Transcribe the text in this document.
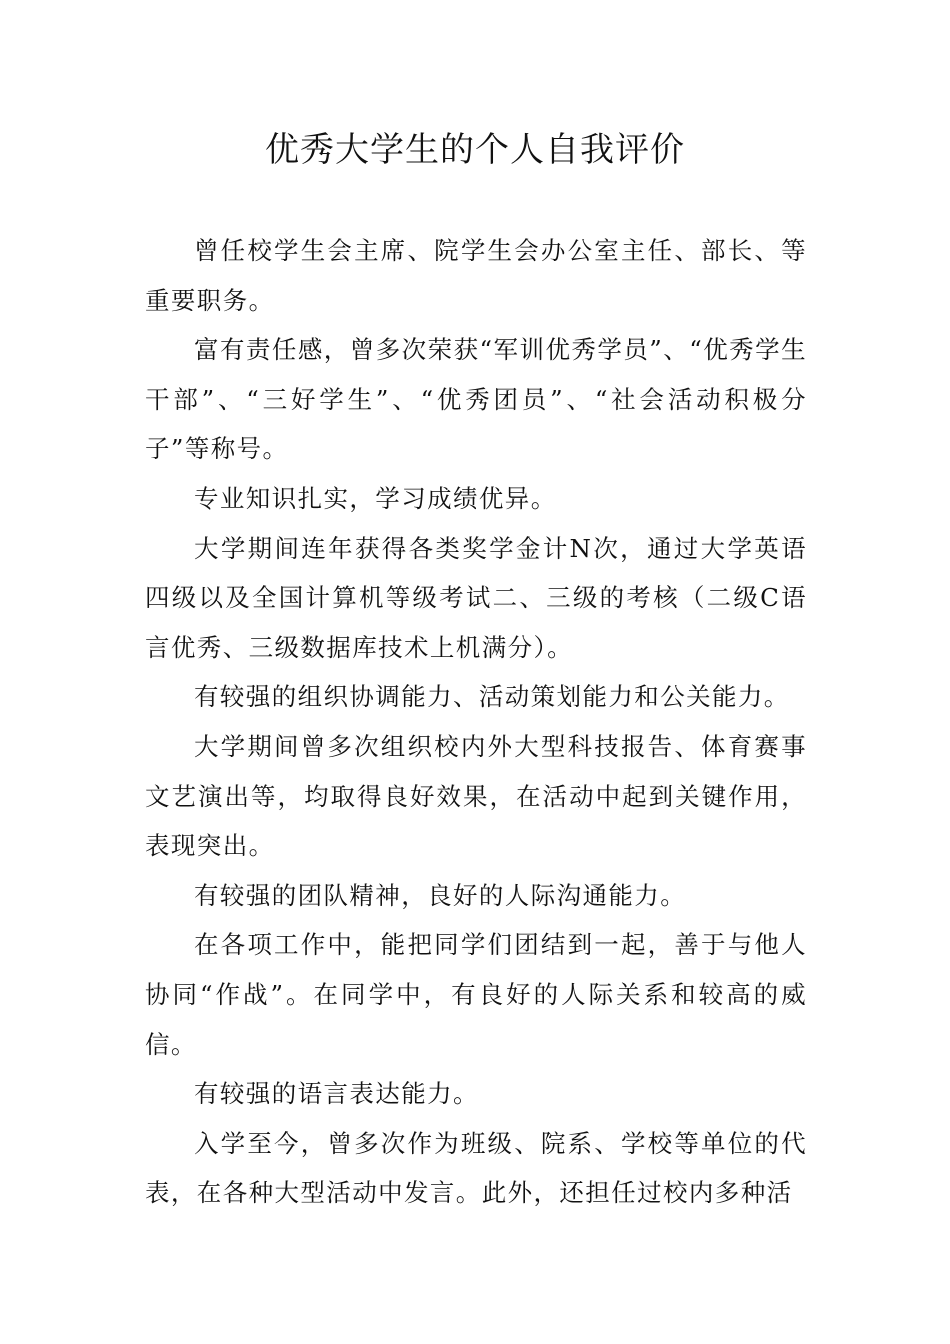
优秀大学生的个人自我评价

曾任校学生会主席、院学生会办公室主任、部长、等重要职务。

富有责任感，曾多次荣获“军训优秀学员”、“优秀学生干部”、“三好学生”、“优秀团员”、“社会活动积极分子”等称号。

专业知识扎实，学习成绩优异。

大学期间连年获得各类奖学金计N次，通过大学英语四级以及全国计算机等级考试二、三级的考核（二级C语言优秀、三级数据库技术上机满分）。

有较强的组织协调能力、活动策划能力和公关能力。

大学期间曾多次组织校内外大型科技报告、体育赛事文艺演出等，均取得良好效果，在活动中起到关键作用，表现突出。

有较强的团队精神，良好的人际沟通能力。

在各项工作中，能把同学们团结到一起，善于与他人协同“作战”。在同学中，有良好的人际关系和较高的威信。

有较强的语言表达能力。

入学至今，曾多次作为班级、院系、学校等单位的代表，在各种大型活动中发言。此外，还担任过校内多种活
